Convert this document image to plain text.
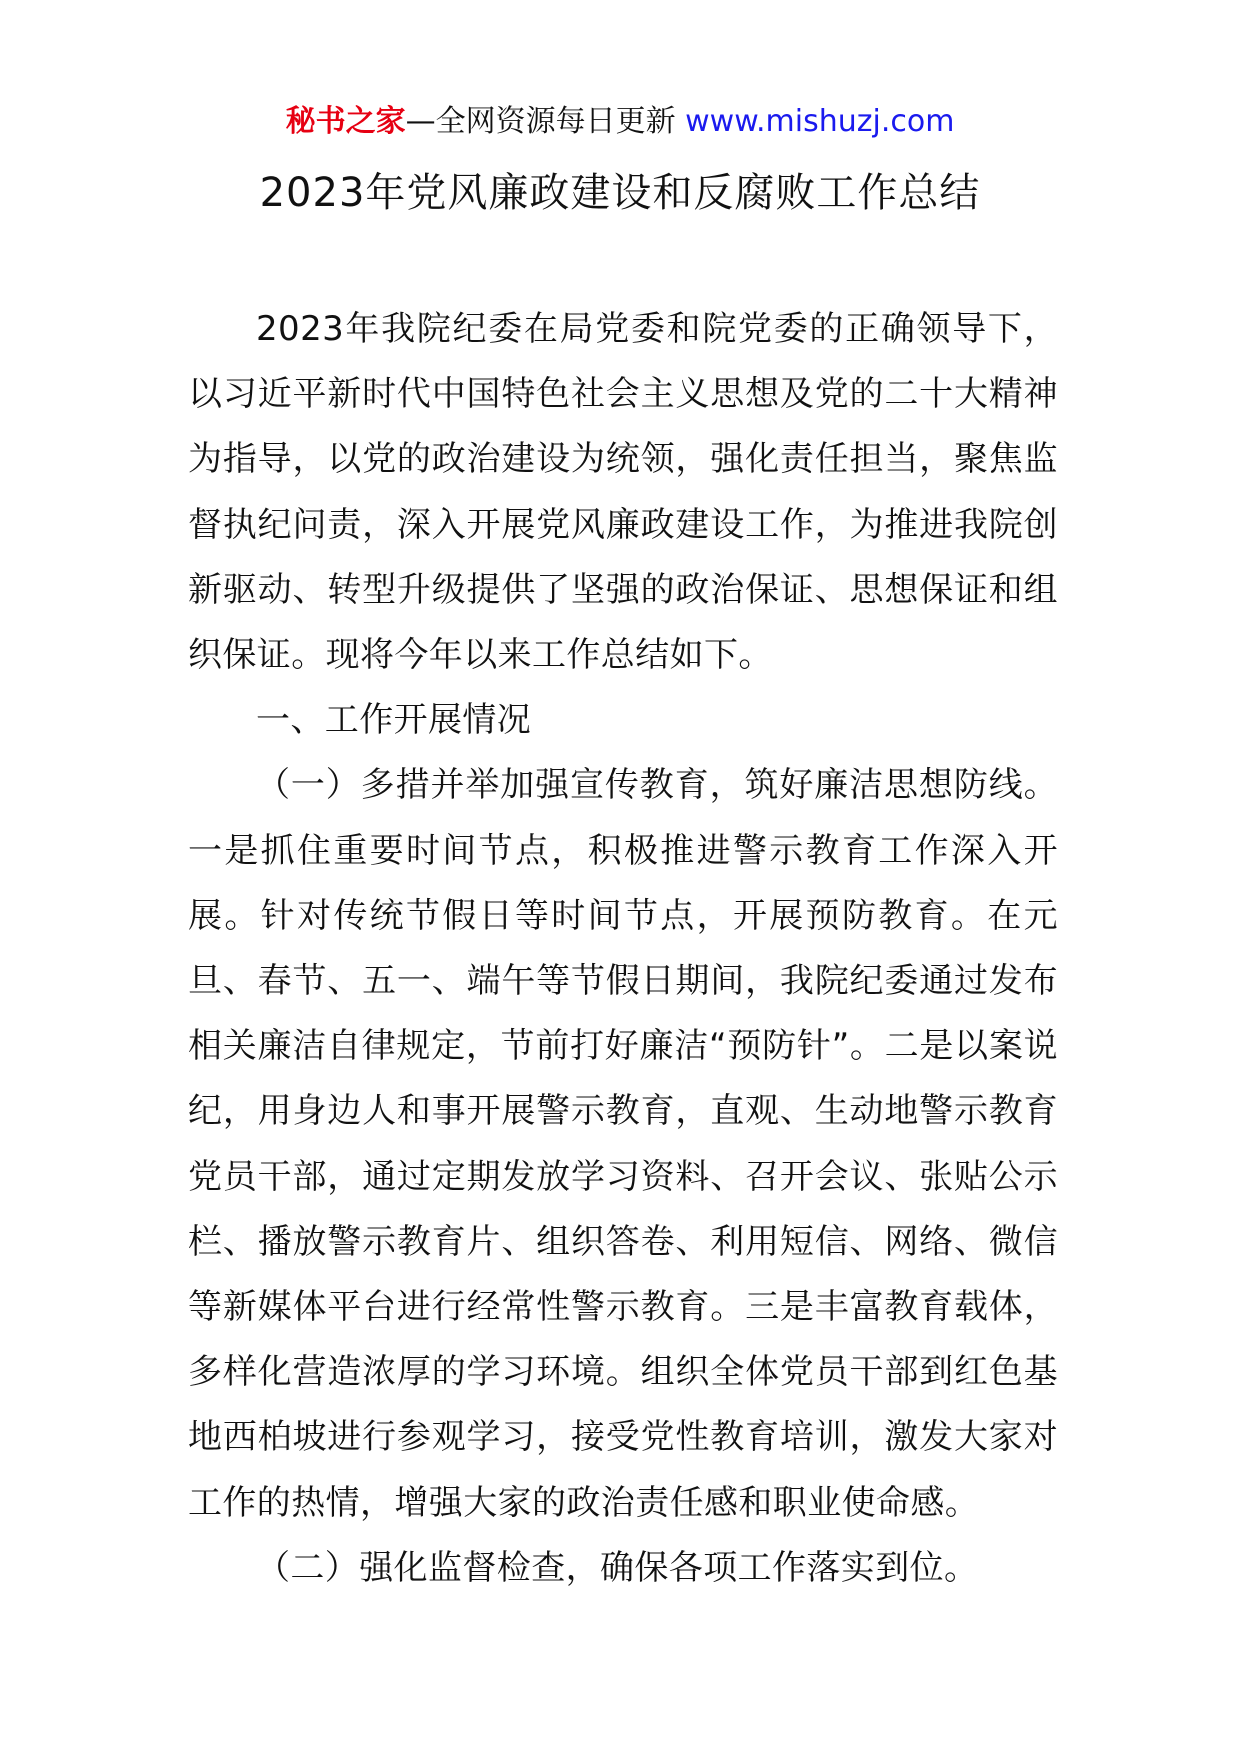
秘书之家—全网资源每日更新 www.mishuzj.com
2023年党风廉政建设和反腐败工作总结

2023年我院纪委在局党委和院党委的正确领导下，以习近平新时代中国特色社会主义思想及党的二十大精神为指导，以党的政治建设为统领，强化责任担当，聚焦监督执纪问责，深入开展党风廉政建设工作，为推进我院创新驱动、转型升级提供了坚强的政治保证、思想保证和组织保证。现将今年以来工作总结如下。

一、工作开展情况

（一）多措并举加强宣传教育，筑好廉洁思想防线。一是抓住重要时间节点，积极推进警示教育工作深入开展。针对传统节假日等时间节点，开展预防教育。在元旦、春节、五一、端午等节假日期间，我院纪委通过发布相关廉洁自律规定，节前打好廉洁“预防针”。二是以案说纪，用身边人和事开展警示教育，直观、生动地警示教育党员干部，通过定期发放学习资料、召开会议、张贴公示栏、播放警示教育片、组织答卷、利用短信、网络、微信等新媒体平台进行经常性警示教育。三是丰富教育载体，多样化营造浓厚的学习环境。组织全体党员干部到红色基地西柏坡进行参观学习，接受党性教育培训，激发大家对工作的热情，增强大家的政治责任感和职业使命感。

（二）强化监督检查，确保各项工作落实到位。
